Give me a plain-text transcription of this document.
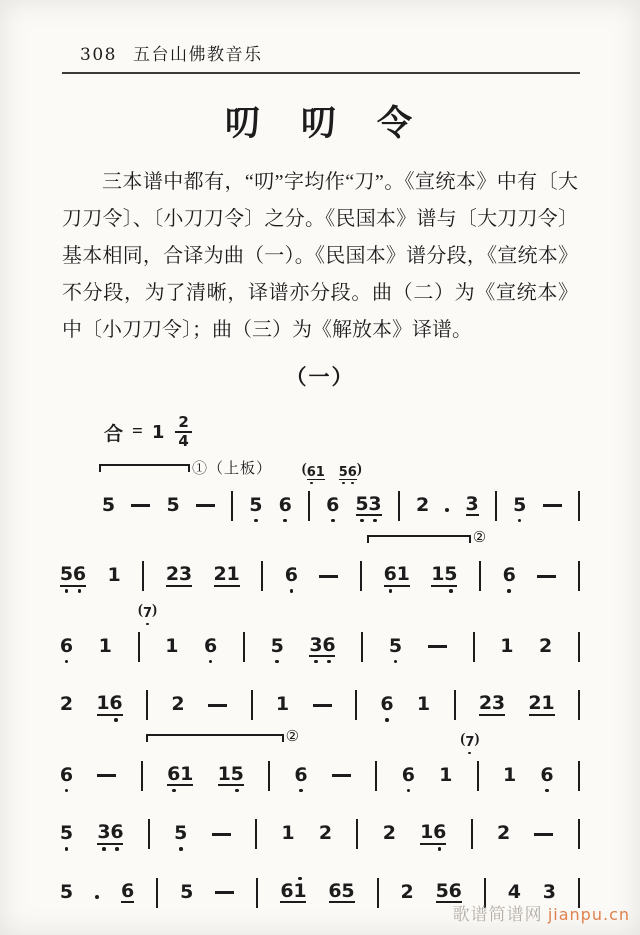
308 五台山佛教音乐
叨　叨　令
三本谱中都有，“叨”字均作“刀”。《宣统本》中有〔大刀刀令〕、〔小刀刀令〕之分。《民国本》谱与〔大刀刀令〕基本相同，合译为曲（一）。《民国本》谱分段，《宣统本》不分段，为了清晰，译谱亦分段。曲（二）为《宣统本》中〔小刀刀令〕；曲（三）为《解放本》译谱。
（一）
合 = $1 \frac{2}{4}$
①（上板） ( 6 1 5 6 )
5	5	5 6 6 5 3 2 3 5
②
5 6 1 2 3 2 1 6	6 1 1 5 6
( 7 )
6 1	1 6	5 3 6	5	1 2
2 1 6	2	1	6 1	2 3 2 1
②	( 7 )
6	6 1 1 5	6	6 1	1 6
5 3 6	5	1 2	2 1 6	2
5	6 5	6 1 6 5 2 5 6 4 3
歌谱简谱网 jianpu.cn
